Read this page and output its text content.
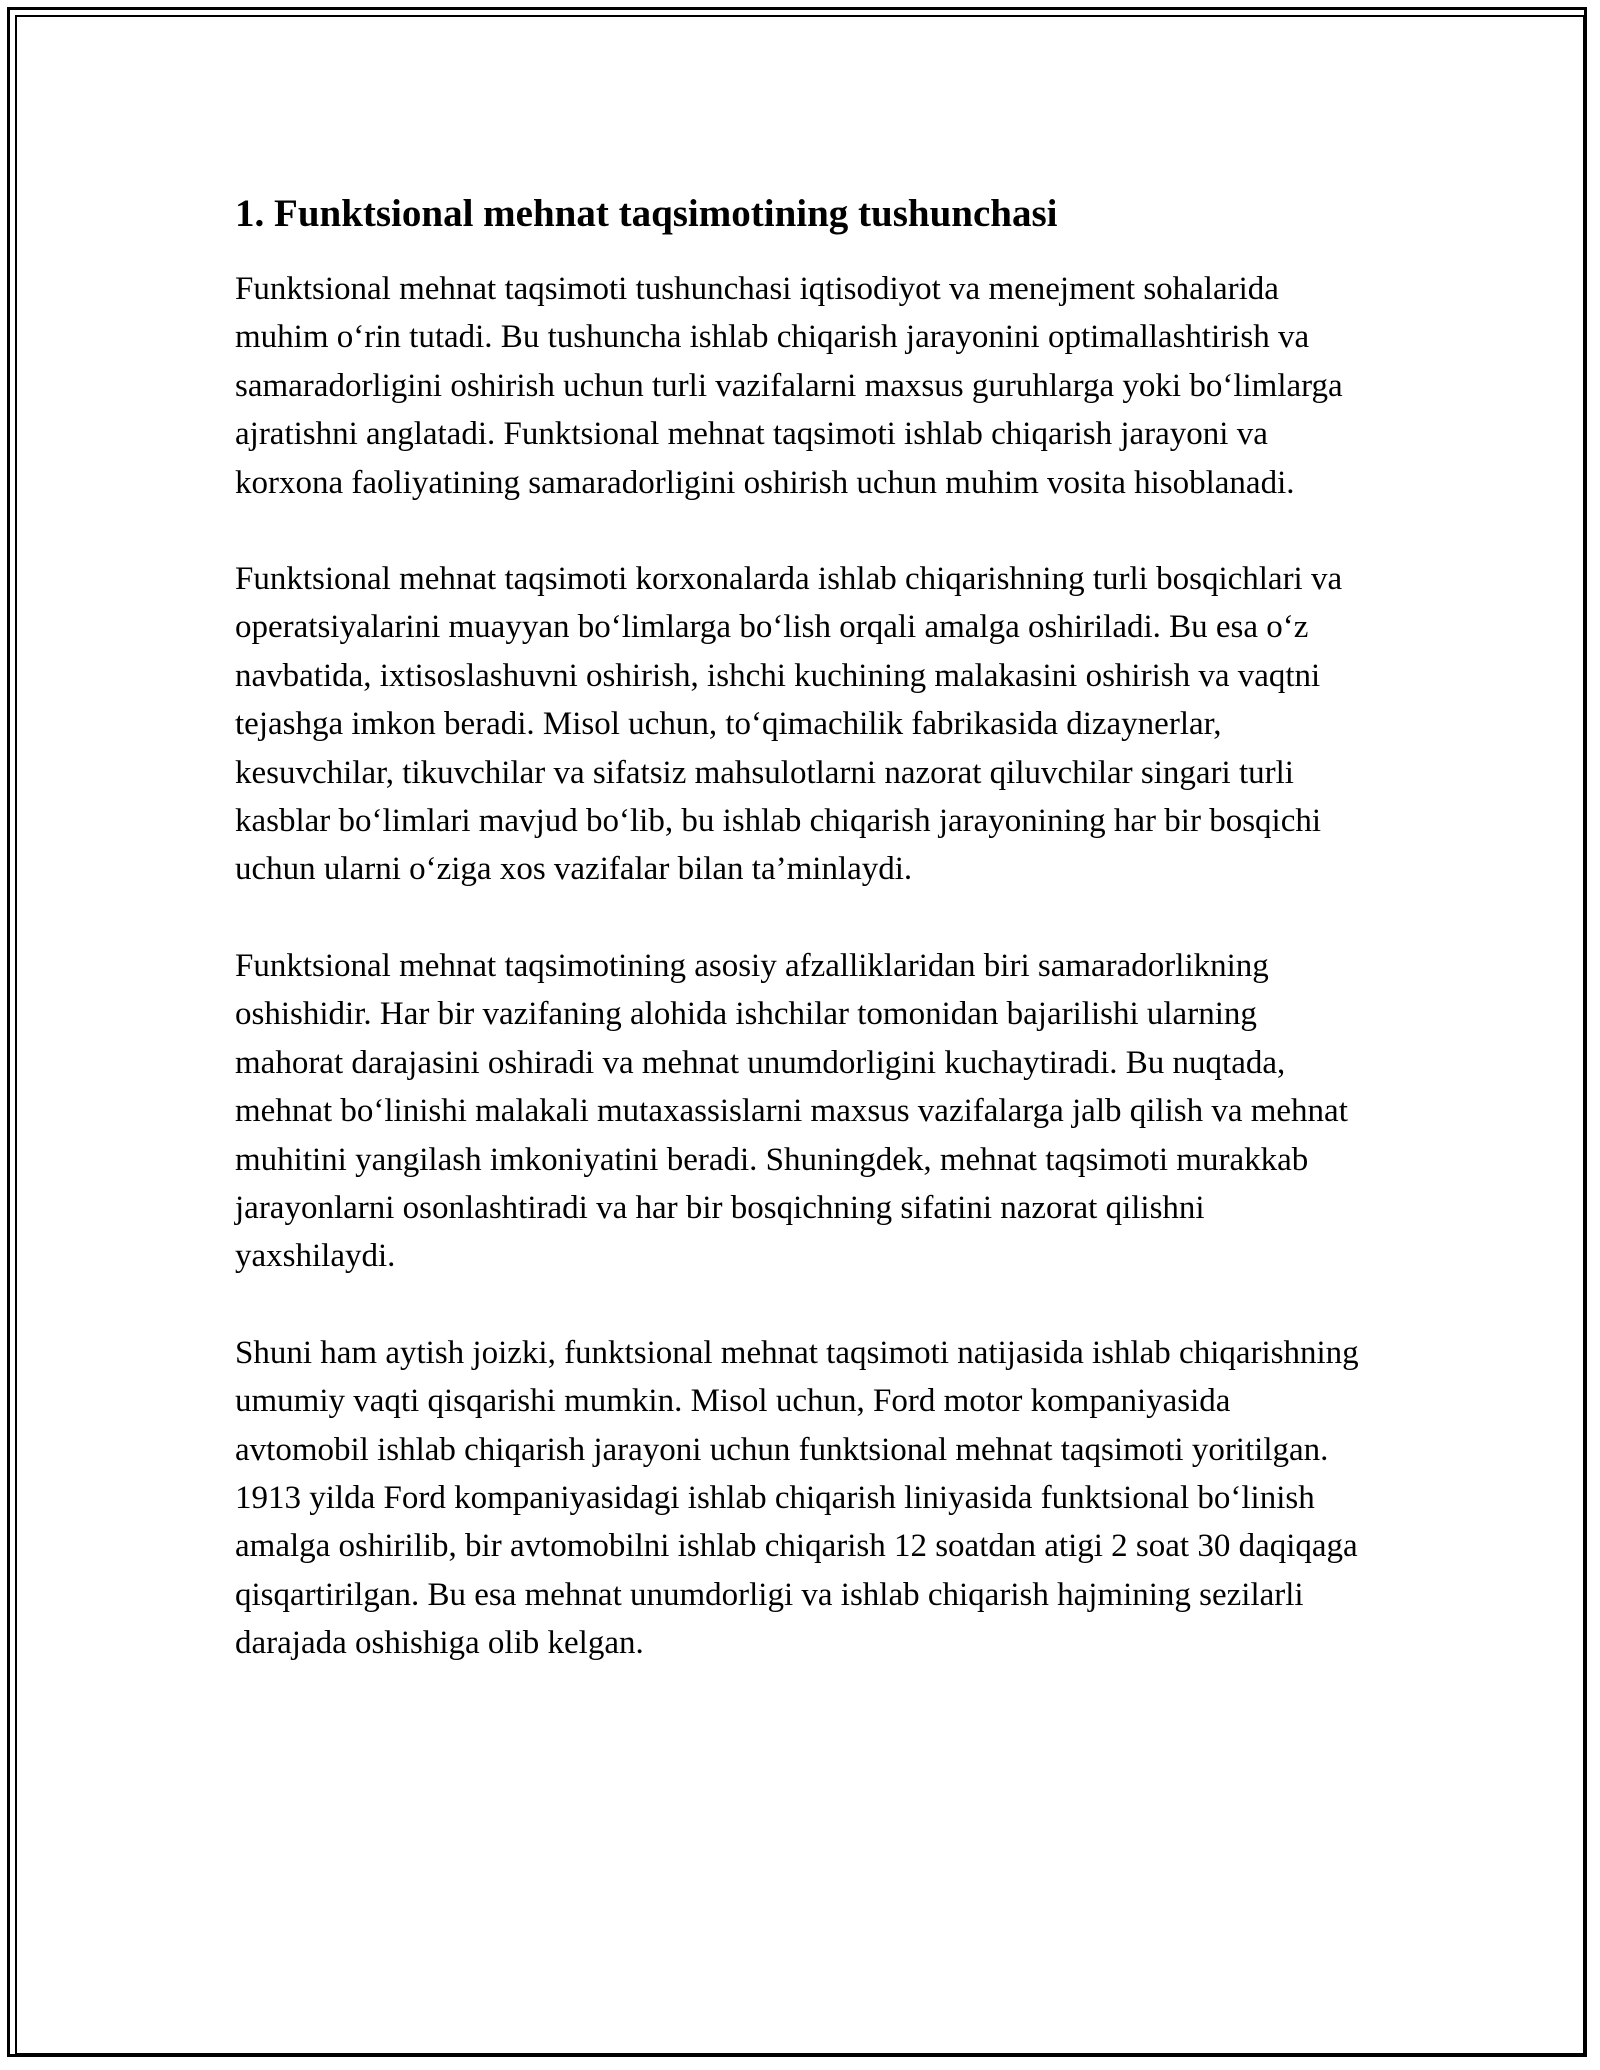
1. Funktsional mehnat taqsimotining tushunchasi

Funktsional mehnat taqsimoti tushunchasi iqtisodiyot va menejment sohalarida muhim o‘rin tutadi. Bu tushuncha ishlab chiqarish jarayonini optimallashtirish va samaradorligini oshirish uchun turli vazifalarni maxsus guruhlarga yoki bo‘limlarga ajratishni anglatadi. Funktsional mehnat taqsimoti ishlab chiqarish jarayoni va korxona faoliyatining samaradorligini oshirish uchun muhim vosita hisoblanadi.

Funktsional mehnat taqsimoti korxonalarda ishlab chiqarishning turli bosqichlari va operatsiyalarini muayyan bo‘limlarga bo‘lish orqali amalga oshiriladi. Bu esa o‘z navbatida, ixtisoslashuvni oshirish, ishchi kuchining malakasini oshirish va vaqtni tejashga imkon beradi. Misol uchun, to‘qimachilik fabrikasida dizaynerlar, kesuvchilar, tikuvchilar va sifatsiz mahsulotlarni nazorat qiluvchilar singari turli kasblar bo‘limlari mavjud bo‘lib, bu ishlab chiqarish jarayonining har bir bosqichi uchun ularni o‘ziga xos vazifalar bilan ta’minlaydi.

Funktsional mehnat taqsimotining asosiy afzalliklaridan biri samaradorlikning oshishidir. Har bir vazifaning alohida ishchilar tomonidan bajarilishi ularning mahorat darajasini oshiradi va mehnat unumdorligini kuchaytiradi. Bu nuqtada, mehnat bo‘linishi malakali mutaxassislarni maxsus vazifalarga jalb qilish va mehnat muhitini yangilash imkoniyatini beradi. Shuningdek, mehnat taqsimoti murakkab jarayonlarni osonlashtiradi va har bir bosqichning sifatini nazorat qilishni yaxshilaydi.

Shuni ham aytish joizki, funktsional mehnat taqsimoti natijasida ishlab chiqarishning umumiy vaqti qisqarishi mumkin. Misol uchun, Ford motor kompaniyasida avtomobil ishlab chiqarish jarayoni uchun funktsional mehnat taqsimoti yoritilgan. 1913 yilda Ford kompaniyasidagi ishlab chiqarish liniyasida funktsional bo‘linish amalga oshirilib, bir avtomobilni ishlab chiqarish 12 soatdan atigi 2 soat 30 daqiqaga qisqartirilgan. Bu esa mehnat unumdorligi va ishlab chiqarish hajmining sezilarli darajada oshishiga olib kelgan.
